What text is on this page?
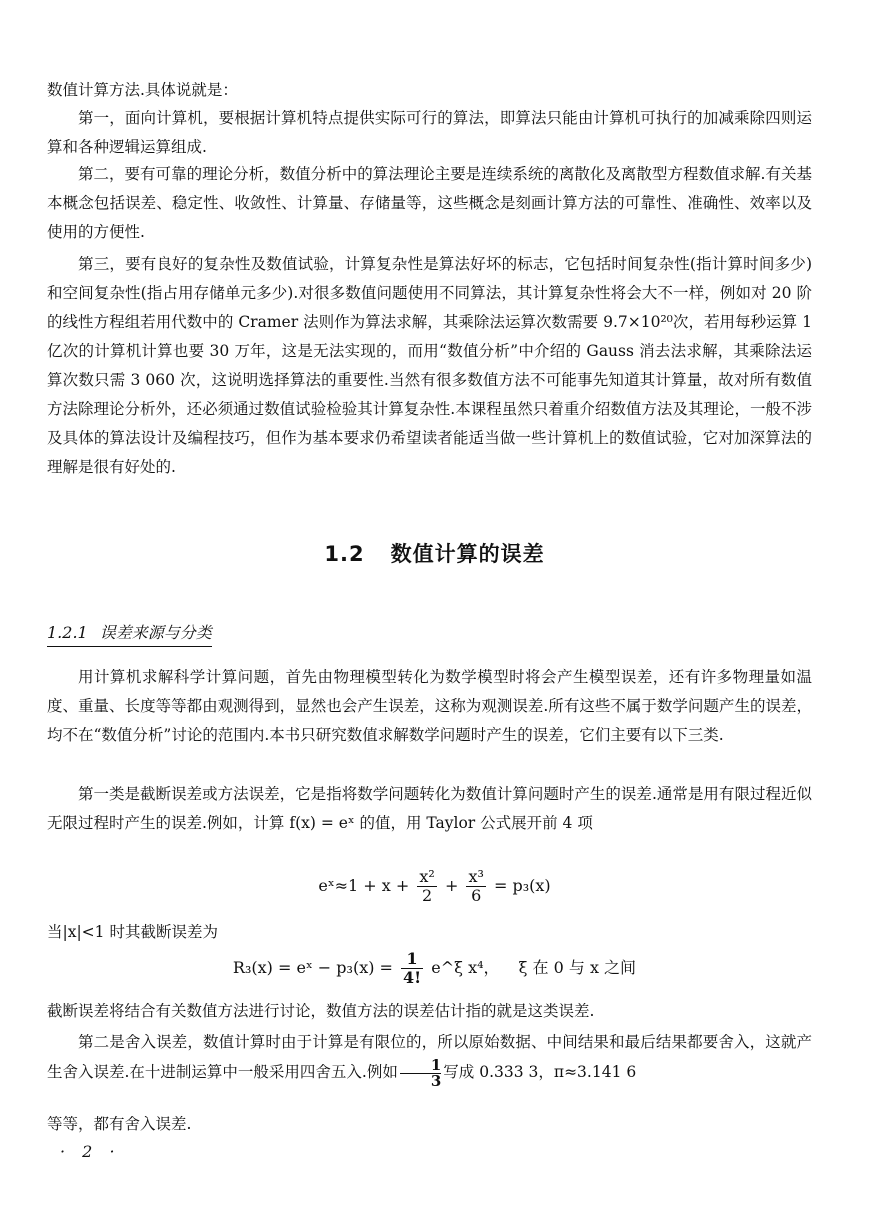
数值计算方法.具体说就是：

第一，面向计算机，要根据计算机特点提供实际可行的算法，即算法只能由计算机可执行的加减乘除四则运算和各种逻辑运算组成.

第二，要有可靠的理论分析，数值分析中的算法理论主要是连续系统的离散化及离散型方程数值求解.有关基本概念包括误差、稳定性、收敛性、计算量、存储量等，这些概念是刻画计算方法的可靠性、准确性、效率以及使用的方便性.

第三，要有良好的复杂性及数值试验，计算复杂性是算法好坏的标志，它包括时间复杂性(指计算时间多少)和空间复杂性(指占用存储单元多少).对很多数值问题使用不同算法，其计算复杂性将会大不一样，例如对 20 阶的线性方程组若用代数中的 Cramer 法则作为算法求解，其乘除法运算次数需要 9.7×10²⁰次，若用每秒运算 1 亿次的计算机计算也要 30 万年，这是无法实现的，而用“数值分析”中介绍的 Gauss 消去法求解，其乘除法运算次数只需 3 060 次，这说明选择算法的重要性.当然有很多数值方法不可能事先知道其计算量，故对所有数值方法除理论分析外，还必须通过数值试验检验其计算复杂性.本课程虽然只着重介绍数值方法及其理论，一般不涉及具体的算法设计及编程技巧，但作为基本要求仍希望读者能适当做一些计算机上的数值试验，它对加深算法的理解是很有好处的.

1.2 数值计算的误差
1.2.1 误差来源与分类

用计算机求解科学计算问题，首先由物理模型转化为数学模型时将会产生模型误差，还有许多物理量如温度、重量、长度等等都由观测得到，显然也会产生误差，这称为观测误差.所有这些不属于数学问题产生的误差，均不在“数值分析”讨论的范围内.本书只研究数值求解数学问题时产生的误差，它们主要有以下三类.

第一类是截断误差或方法误差，它是指将数学问题转化为数值计算问题时产生的误差.通常是用有限过程近似无限过程时产生的误差.例如，计算 f(x) = eˣ 的值，用 Taylor 公式展开前 4 项

eˣ≈1 + $x + \frac{\text{x²}}{2} + \frac{\text{x³}}{6} = p_3(x)$

当|x|<1 时其截断误差为

R₃(x) = eˣ − $p_3(x) = \frac{1}{4!}$ e^ξ x⁴， ξ 在 0 与 x 之间

截断误差将结合有关数值方法进行讨论，数值方法的误差估计指的就是这类误差.

第二是舍入误差，数值计算时由于计算是有限位的，所以原始数据、中间结果和最后结果都要舍入，这就产生舍入误差.在十进制运算中一般采用四舍五入.例如 $\frac{1}{3}$ 写成 0.333 3，π≈3.141 6

等等，都有舍入误差.

· 2 ·
